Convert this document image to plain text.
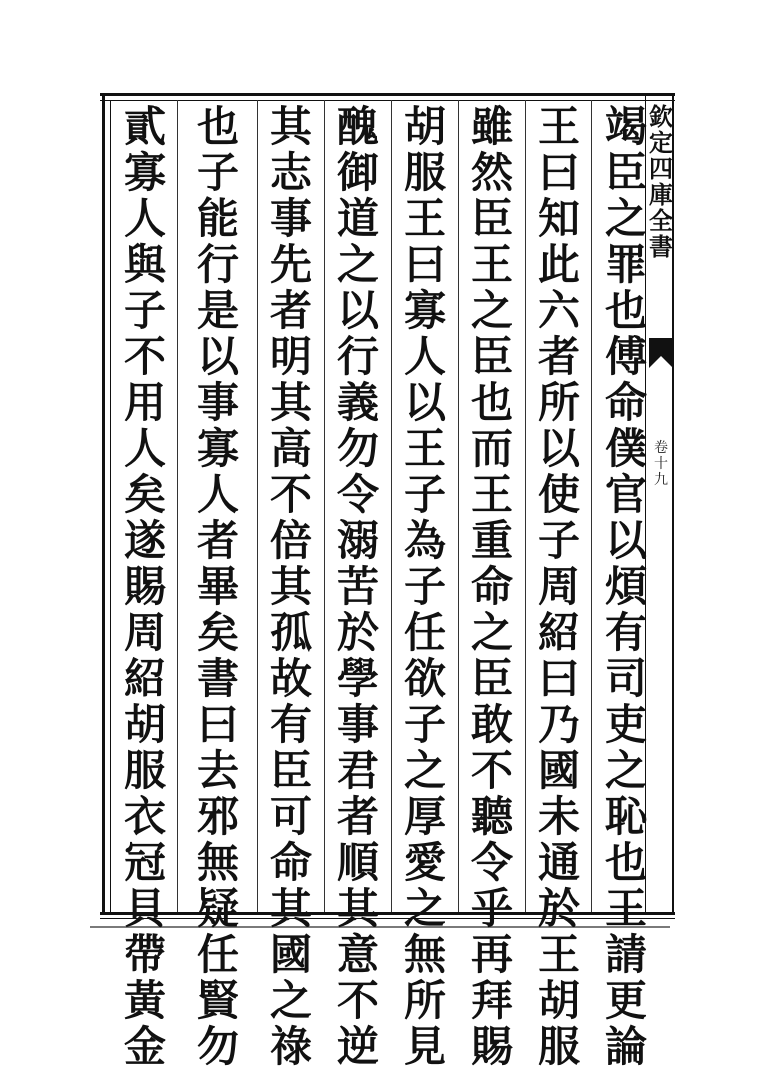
欽
定
四
庫
全
書
卷
十
九
竭
臣
之
罪
也
傅
命
僕
官
以
煩
有
司
吏
之
恥
也
王
請
更
論
王
曰
知
此
六
者
所
以
使
子
周
紹
曰
乃
國
未
通
於
王
胡
服
雖
然
臣
王
之
臣
也
而
王
重
命
之
臣
敢
不
聽
令
乎
再
拜
賜
胡
服
王
曰
寡
人
以
王
子
為
子
任
欲
子
之
厚
愛
之
無
所
見
醜
御
道
之
以
行
義
勿
令
溺
苦
於
學
事
君
者
順
其
意
不
逆
其
志
事
先
者
明
其
高
不
倍
其
孤
故
有
臣
可
命
其
國
之
祿
也
子
能
行
是
以
事
寡
人
者
畢
矣
書
曰
去
邪
無
疑
任
賢
勿
貳
寡
人
與
子
不
用
人
矣
遂
賜
周
紹
胡
服
衣
冠
貝
帶
黃
金
